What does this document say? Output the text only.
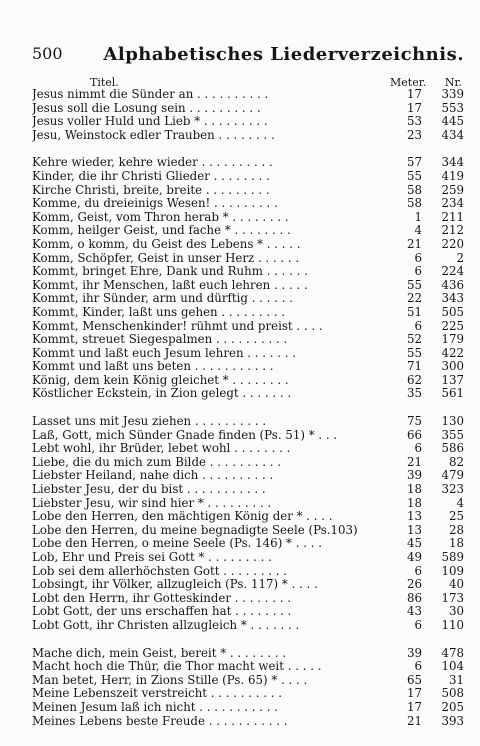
500 Alphabetisches Liederverzeichnis.
Titel.	Meter. Nr.
Jesus nimmt die Sünder an . . . . . . . . . .	17	339
Jesus soll die Losung sein . . . . . . . . . .	17	553
Jesus voller Huld und Lieb * . . . . . . . . .	53	445
Jesu, Weinstock edler Trauben . . . . . . . .	23	434
Kehre wieder, kehre wieder . . . . . . . . . .	57	344
Kinder, die ihr Christi Glieder . . . . . . . .	55	419
Kirche Christi, breite, breite . . . . . . . . .	58	259
Komme, du dreieinigs Wesen! . . . . . . . . .	58	234
Komm, Geist, vom Thron herab * . . . . . . . .	1	211
Komm, heilger Geist, und fache * . . . . . . . .	4	212
Komm, o komm, du Geist des Lebens * . . . . .	21	220
Komm, Schöpfer, Geist in unser Herz . . . . . .	6	2
Kommt, bringet Ehre, Dank und Ruhm . . . . . .	6	224
Kommt, ihr Menschen, laßt euch lehren . . . . .	55	436
Kommt, ihr Sünder, arm und dürftig . . . . . .	22	343
Kommt, Kinder, laßt uns gehen . . . . . . . . .	51	505
Kommt, Menschenkinder! rühmt und preist . . . .	6	225
Kommt, streuet Siegespalmen . . . . . . . . . .	52	179
Kommt und laßt euch Jesum lehren . . . . . . .	55	422
Kommt und laßt uns beten . . . . . . . . . . .	71	300
König, dem kein König gleichet * . . . . . . . .	62	137
Köstlicher Eckstein, in Zion gelegt . . . . . . .	35	561
Lasset uns mit Jesu ziehen . . . . . . . . . .	75	130
Laß, Gott, mich Sünder Gnade finden (Ps. 51) * . . .	66	355
Lebt wohl, ihr Brüder, lebet wohl . . . . . . . .	6	586
Liebe, die du mich zum Bilde . . . . . . . . . .	21	82
Liebster Heiland, nahe dich . . . . . . . . . .	39	479
Liebster Jesu, der du bist . . . . . . . . . . .	18	323
Liebster Jesu, wir sind hier * . . . . . . . . .	18	4
Lobe den Herren, den mächtigen König der * . . . .	13	25
Lobe den Herren, du meine begnadigte Seele (Ps.103)	13	28
Lobe den Herren, o meine Seele (Ps. 146) * . . . .	45	18
Lob, Ehr und Preis sei Gott * . . . . . . . . .	49	589
Lob sei dem allerhöchsten Gott . . . . . . . . .	6	109
Lobsingt, ihr Völker, allzugleich (Ps. 117) * . . . .	26	40
Lobt den Herrn, ihr Gotteskinder . . . . . . . .	86	173
Lobt Gott, der uns erschaffen hat . . . . . . . .	43	30
Lobt Gott, ihr Christen allzugleich * . . . . . . .	6	110
Mache dich, mein Geist, bereit * . . . . . . . .	39	478
Macht hoch die Thür, die Thor macht weit . . . . .	6	104
Man betet, Herr, in Zions Stille (Ps. 65) * . . . .	65	31
Meine Lebenszeit verstreicht . . . . . . . . . .	17	508
Meinen Jesum laß ich nicht . . . . . . . . . . .	17	205
Meines Lebens beste Freude . . . . . . . . . . .	21	393
